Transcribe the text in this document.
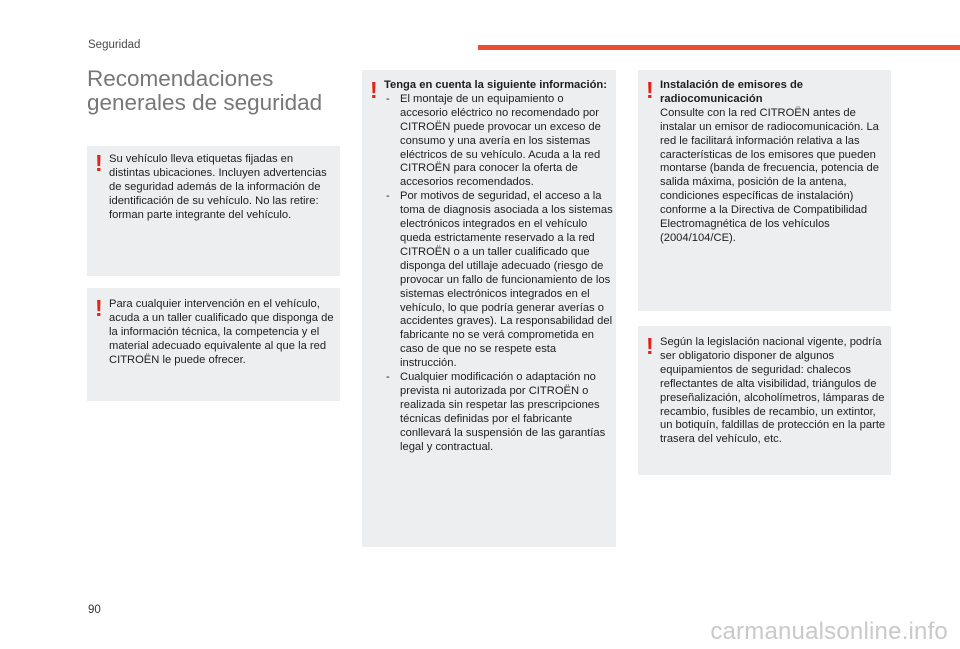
Seguridad
Recomendaciones
generales de seguridad
! Su vehículo lleva etiquetas fijadas en distintas ubicaciones. Incluyen advertencias de seguridad además de la información de identificación de su vehículo. No las retire: forman parte integrante del vehículo.

! Para cualquier intervención en el vehículo, acuda a un taller cualificado que disponga de la información técnica, la competencia y el material adecuado equivalente al que la red CITROËN le puede ofrecer.

! Tenga en cuenta la siguiente información:

- El montaje de un equipamiento o accesorio eléctrico no recomendado por CITROËN puede provocar un exceso de consumo y una avería en los sistemas eléctricos de su vehículo. Acuda a la red CITROËN para conocer la oferta de accesorios recomendados.
- Por motivos de seguridad, el acceso a la toma de diagnosis asociada a los sistemas electrónicos integrados en el vehículo queda estrictamente reservado a la red CITROËN o a un taller cualificado que disponga del utillaje adecuado (riesgo de provocar un fallo de funcionamiento de los sistemas electrónicos integrados en el vehículo, lo que podría generar averías o accidentes graves). La responsabilidad del fabricante no se verá comprometida en caso de que no se respete esta instrucción.
- Cualquier modificación o adaptación no prevista ni autorizada por CITROËN o realizada sin respetar las prescripciones técnicas definidas por el fabricante conllevará la suspensión de las garantías legal y contractual.
! Instalación de emisores de radiocomunicación

Consulte con la red CITROËN antes de instalar un emisor de radiocomunicación. La red le facilitará información relativa a las características de los emisores que pueden montarse (banda de frecuencia, potencia de salida máxima, posición de la antena, condiciones específicas de instalación) conforme a la Directiva de Compatibilidad Electromagnética de los vehículos (2004/104/CE).

! Según la legislación nacional vigente, podría ser obligatorio disponer de algunos equipamientos de seguridad: chalecos reflectantes de alta visibilidad, triángulos de preseñalización, alcoholímetros, lámparas de recambio, fusibles de recambio, un extintor, un botiquín, faldillas de protección en la parte trasera del vehículo, etc.

90
carmanualsonline.info
